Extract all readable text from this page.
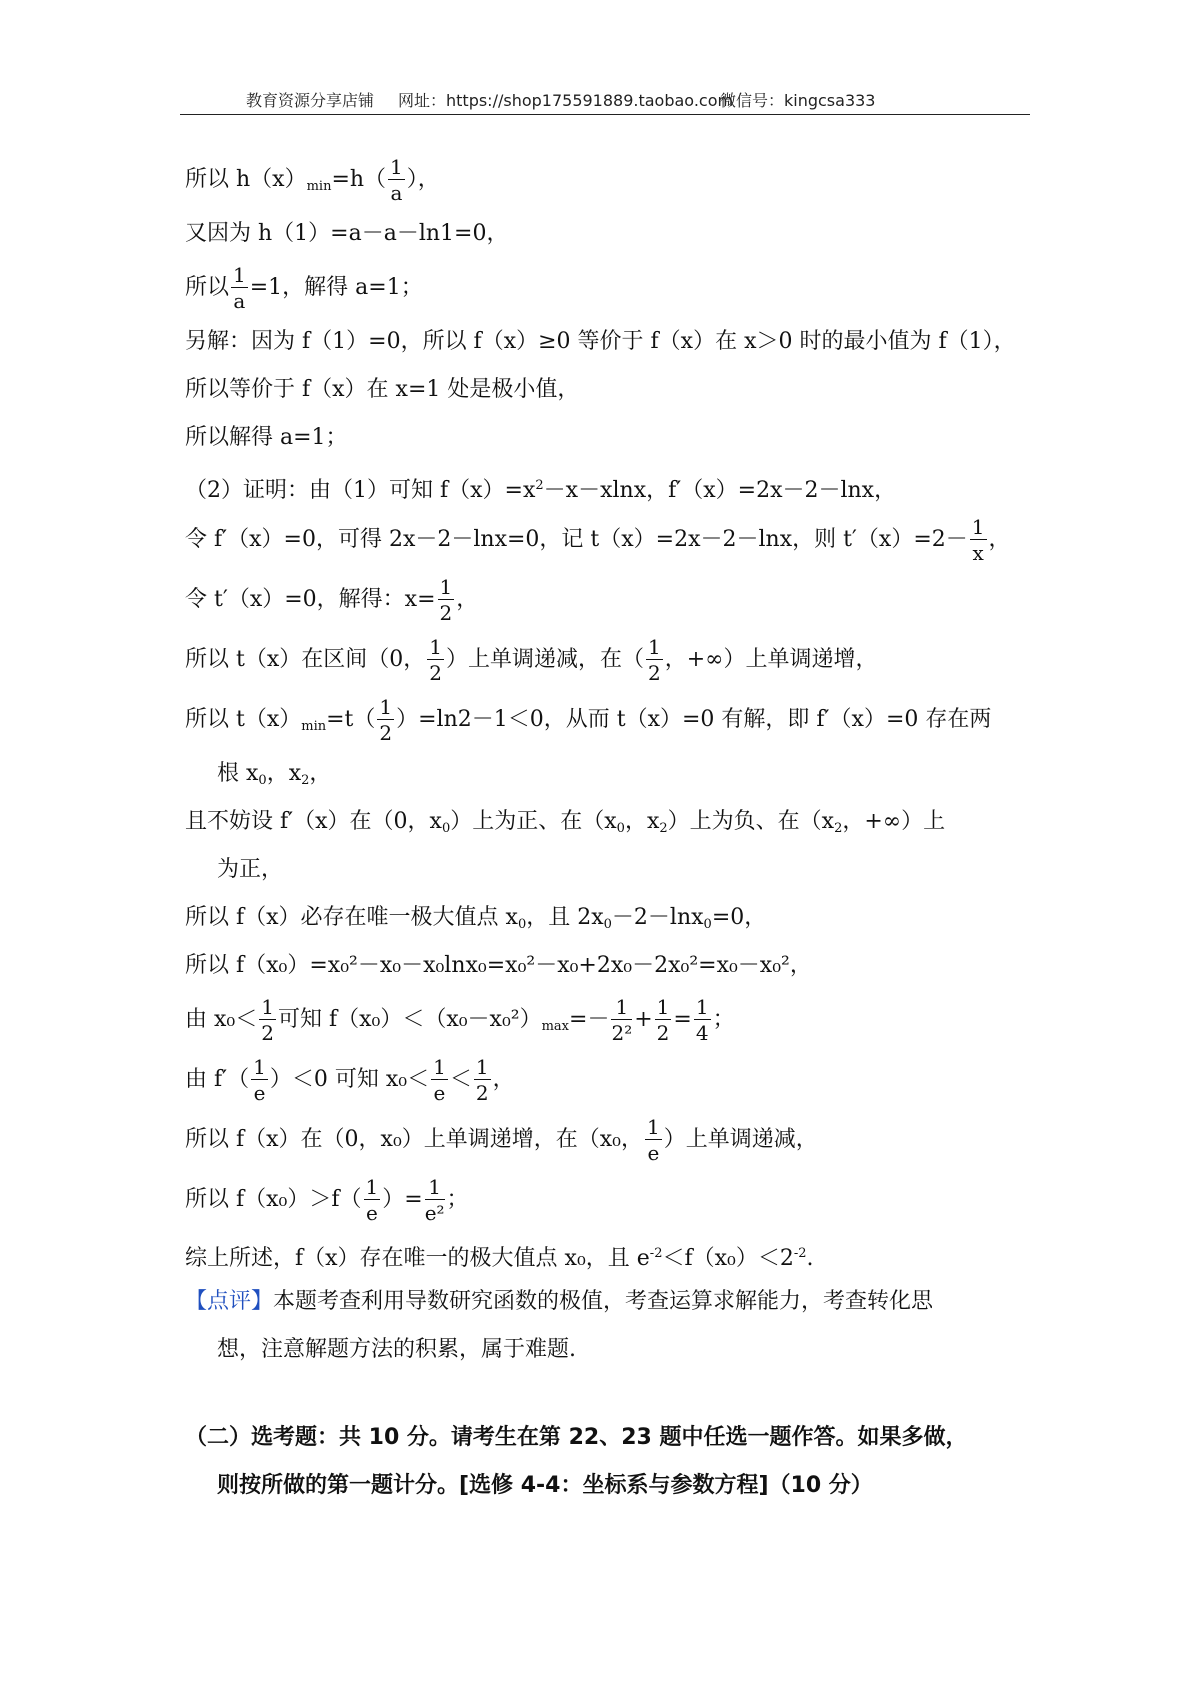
教育资源分享店铺 网址：https://shop175591889.taobao.com
微信号：kingcsa333
所以 $h(x)_{min}=h( \frac{1}{a}$ ），
又因为 h（1）=a－a－ln1=0，
所以 $\frac{1}{a} =1$，解得 a=1；
另解：因为 f（1）=0，所以 f（x）≥0 等价于 f（x）在 x＞0 时的最小值为 f（1），
所以等价于 f（x）在 x=1 处是极小值，
所以解得 a=1；
（2）证明：由（1）可知 $f(x)=x^2-x-xlnx$，f′（x）=2x－2－lnx，
令 f′（x）=0，可得 2x－2－lnx=0，记 t（x）=2x－2－lnx，则 $t'(x)=2- \frac{1}{x}$ ，
令 t′（x）=0，解得：$x= \frac{1}{2}$ ，
所以 t（x）在区间（0， $\frac{1}{2}$ ）上单调递减，在（ $\frac{1}{2}$ ，+∞）上单调递增，
所以 $t(x)_{min}=t( \frac{1}{2} )=\ln 2-1<0$，从而 t（x）=0 有解，即 f′（x）=0 存在两
根 $x_0$，$x_2$，
且不妨设 f′（x）在（0，$x_0$）上为正、在（$x_0$，$x_2$）上为负、在（$x_2$，+∞）上
为正，
所以 f（x）必存在唯一极大值点 $x_0$，且 $2x_0-2-\ln x_0=0$，
所以 f（x₀）=x₀²－x₀－x₀lnx₀=x₀²－x₀+2x₀－2x₀²=x₀－x₀²，
由 $x_0< \frac{1}{2}$ 可知 $f(x_0)<(x_0-x_0^2)_{max}=- \frac{1}{\text{2²}} + \frac{1}{2} = \frac{1}{4}$ ；
由 $f'( \frac{1}{e} )<0$ 可知 $x_0< \frac{1}{e} < \frac{1}{2}$ ，
所以 f（x）在（0，x₀）上单调递增，在（x₀， $\frac{1}{e}$ ）上单调递减，
所以 $f(x_0)>f( \frac{1}{e}$ ）= $\frac{1}{\text{e²}}$ ；
综上所述，f（x）存在唯一的极大值点 x₀，且 $e^{-2}<f(x_0)<2^{-2}$.
【点评】本题考查利用导数研究函数的极值，考查运算求解能力，考查转化思
想，注意解题方法的积累，属于难题.
（二）选考题：共 10 分。请考生在第 22、23 题中任选一题作答。如果多做，
则按所做的第一题计分。[选修 4-4：坐标系与参数方程]（10 分）
